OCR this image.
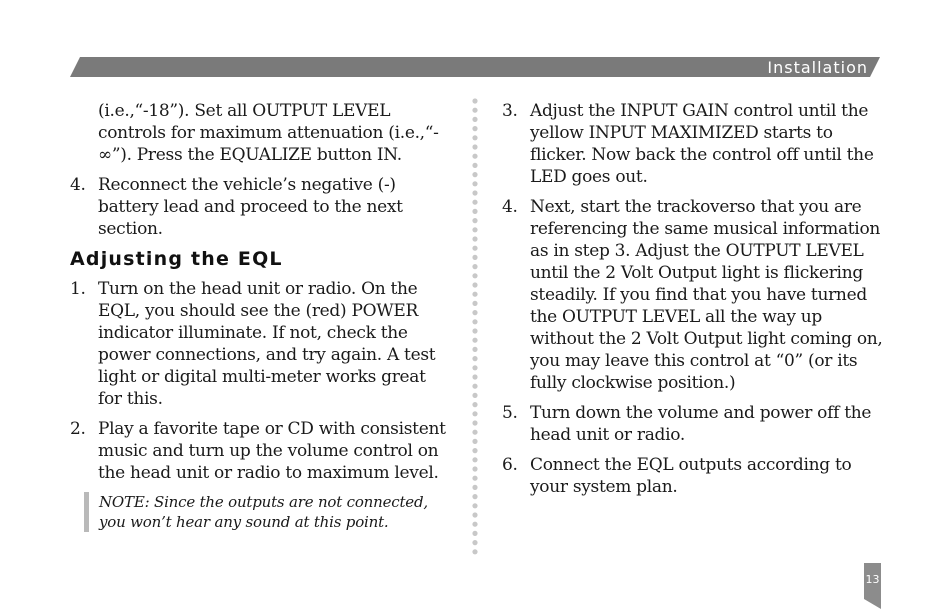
Installation
(i.e.,“-18”). Set all OUTPUT LEVEL controls for maximum attenuation (i.e.,“- ∞”). Press the EQUALIZE button IN.
4. Reconnect the vehicle’s negative (-) battery lead and proceed to the next section.
Adjusting the EQL
1. Turn on the head unit or radio. On the EQL, you should see the (red) POWER indicator illuminate. If not, check the power connections, and try again. A test light or digital multi-meter works great for this.
2. Play a favorite tape or CD with consistent music and turn up the volume control on the head unit or radio to maximum level.
NOTE: Since the outputs are not connected, you won’t hear any sound at this point.
3. Adjust the INPUT GAIN control until the yellow INPUT MAXIMIZED starts to flicker. Now back the control off until the LED goes out.
4. Next, start the trackoverso that you are referencing the same musical information as in step 3. Adjust the OUTPUT LEVEL until the 2 Volt Output light is flickering steadily. If you find that you have turned the OUTPUT LEVEL all the way up without the 2 Volt Output light coming on, you may leave this control at “0” (or its fully clockwise position.)
5. Turn down the volume and power off the head unit or radio.
6. Connect the EQL outputs according to your system plan.
13
